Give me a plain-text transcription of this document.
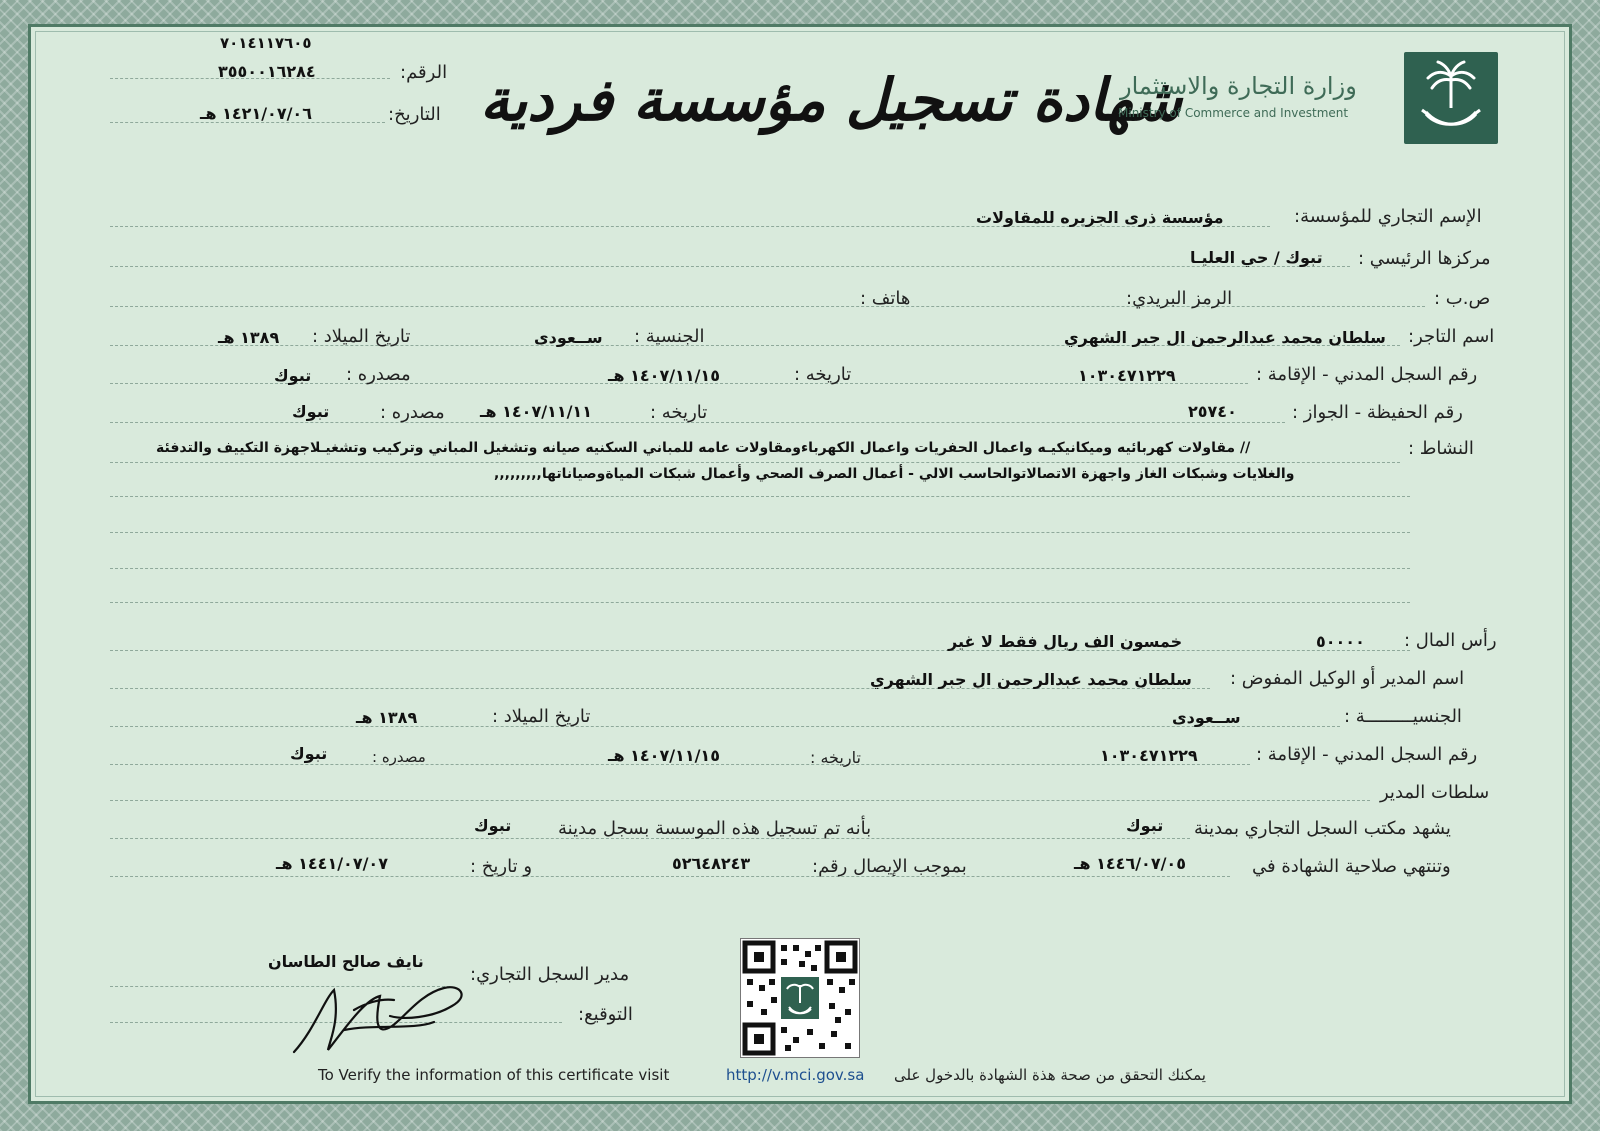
٧٠١٤١١٧٦٠٥
٣٥٥٠٠١٦٢٨٤	الرقم:
١٤٢١/٠٧/٠٦ هـ	التاريخ: شهادة تسجيل مؤسسة فردية
وزارة التجارة والاستثمار
Ministry of Commerce and Investment
الإسم التجاري للمؤسسة:
مؤسسة ذرى الجزيره للمقاولات
مركزها الرئيسي :
تبوك / حي العليـا
ص.ب :
الرمز البريدي:
هاتف :
اسم التاجر:
سلطان محمد عبدالرحمن ال جبر الشهري
الجنسية :
ســعودى
تاريخ الميلاد :
١٣٨٩ هـ
رقم السجل المدني - الإقامة :
١٠٣٠٤٧١٢٢٩
تاريخه :
١٤٠٧/١١/١٥ هـ
مصدره :
تبوك
رقم الحفيظة - الجواز :
٢٥٧٤٠
تاريخه :
١٤٠٧/١١/١١ هـ
مصدره :
تبوك
النشاط :
// مقاولات كهربائيه وميكانيكيـه واعمال الحفريات واعمال الكهرباءومقاولات عامه للمباني السكنيه صيانه وتشغيل المباني وتركيب وتشغيـلاجهزة التكييف والتدفئة
والغلايات وشبكات الغاز واجهزة الاتصالاتوالحاسب الالي - أعمال الصرف الصحي وأعمال شبكات المياةوصياناتها,,,,,,,,,
رأس المال :
٥٠٠٠٠
خمسون الف ريال فقط لا غير
اسم المدير أو الوكيل المفوض :
سلطان محمد عبدالرحمن ال جبر الشهري
الجنسيـــــــــة :
ســعودى
تاريخ الميلاد :
١٣٨٩ هـ
رقم السجل المدني - الإقامة :
١٠٣٠٤٧١٢٢٩
تاريخه :
١٤٠٧/١١/١٥ هـ
مصدره :
تبوك
سلطات المدير
يشهد مكتب السجل التجاري بمدينة
تبوك
بأنه تم تسجيل هذه الموسسة بسجل مدينة
تبوك
وتنتهي صلاحية الشهادة في
١٤٤٦/٠٧/٠٥ هـ
بموجب الإيصال رقم:
٥٢٦٤٨٢٤٣
و تاريخ :
١٤٤١/٠٧/٠٧ هـ
مدير السجل التجاري:
نايف صالح الطاسان
التوقيع:
To Verify the information of this certificate visit	http://v.mci.gov.sa يمكنك التحقق من صحة هذة الشهادة بالدخول على
